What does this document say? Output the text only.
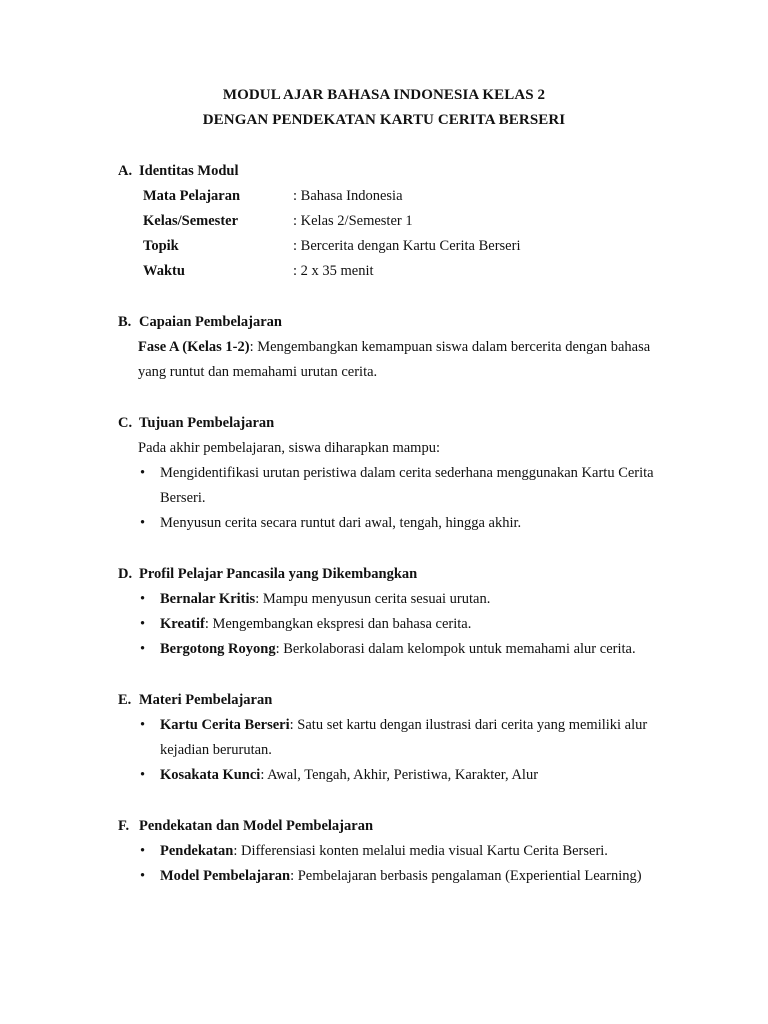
MODUL AJAR BAHASA INDONESIA KELAS 2
DENGAN PENDEKATAN KARTU CERITA BERSERI
A. Identitas Modul
Mata Pelajaran	: Bahasa Indonesia
Kelas/Semester	: Kelas 2/Semester 1
Topik	: Bercerita dengan Kartu Cerita Berseri
Waktu	: 2 x 35 menit
B. Capaian Pembelajaran
Fase A (Kelas 1-2): Mengembangkan kemampuan siswa dalam bercerita dengan bahasa
yang runtut dan memahami urutan cerita.
C. Tujuan Pembelajaran
Pada akhir pembelajaran, siswa diharapkan mampu:
• Mengidentifikasi urutan peristiwa dalam cerita sederhana menggunakan Kartu Cerita
Berseri.
• Menyusun cerita secara runtut dari awal, tengah, hingga akhir.
D. Profil Pelajar Pancasila yang Dikembangkan
• Bernalar Kritis: Mampu menyusun cerita sesuai urutan.
• Kreatif: Mengembangkan ekspresi dan bahasa cerita.
• Bergotong Royong: Berkolaborasi dalam kelompok untuk memahami alur cerita.
E. Materi Pembelajaran
• Kartu Cerita Berseri: Satu set kartu dengan ilustrasi dari cerita yang memiliki alur
kejadian berurutan.
• Kosakata Kunci: Awal, Tengah, Akhir, Peristiwa, Karakter, Alur
F. Pendekatan dan Model Pembelajaran
• Pendekatan: Differensiasi konten melalui media visual Kartu Cerita Berseri.
• Model Pembelajaran: Pembelajaran berbasis pengalaman (Experiential Learning)
